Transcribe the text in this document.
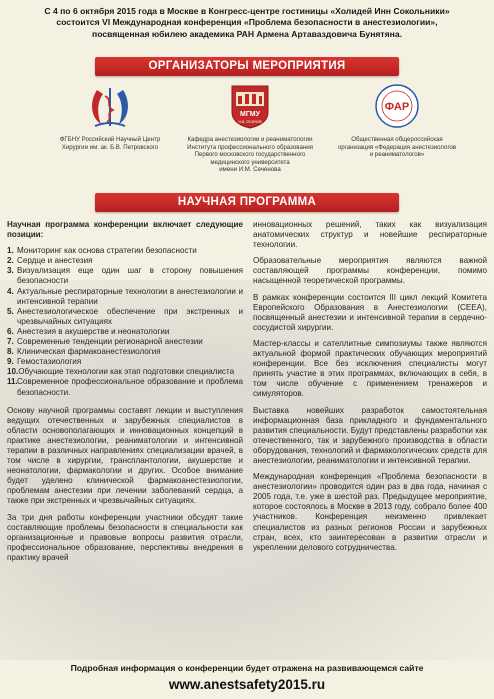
С 4 по 6 октября 2015 года в Москве в Конгресс-центре гостиницы «Холидей Инн Сокольники»
состоится VI Международная конференция «Проблема безопасности в анестезиологии»,
посвященная юбилею академика РАН Армена Артаваздовича Бунятяна.
ОРГАНИЗАТОРЫ МЕРОПРИЯТИЯ
ФГБНУ Российский Научный Центр
Хирургии им. ак. Б.В. Петровского
МГМУ
И.М. СЕЧЕНОВ
Кафедра анестезиологии и реаниматологии
Института профессионального образования
Первого московского государственного
медицинского университета
имени И.М. Сеченова
ФАР
Общественная общероссийская
организация «Федерация анестезиологов
и реаниматологов»
НАУЧНАЯ ПРОГРАММА

Научная программа конференции включает следующие позиции:

1. Мониторинг как основа стратегии безопасности
2. Сердце и анестезия
3. Визуализация еще один шаг в сторону повышения безопасности
4. Актуальные респираторные технологии в анестезиологии и интенсивной терапии
5. Анестезиологическое обеспечение при экстренных и чрезвычайных ситуациях
6. Анестезия в акушерстве и неонатологии
7. Современные тенденции регионарной анестезии
8. Клиническая фармакоанестезиология
9. Гемостазиология
10. Обучающие технологии как этап подготовки специалиста
11. Современное профессиональное образование и проблема безопасности.

Основу научной программы составят лекции и выступления ведущих отечественных и зарубежных специалистов в области основополагающих и инновационных концепций в практике анестезиологии, реаниматологии и интенсивной терапии в различных направлениях специализации врачей, в том числе в хирургии, трансплантологии, акушерстве и неонатологии, фармакологии и других. Особое внимание будет уделено клинической фармакоанестезиологии, проблемам анестезии при лечении заболеваний сердца, а также при экстренных и чрезвычайных ситуациях.

За три дня работы конференции участники обсудят такие составляющие проблемы безопасности в специальности как организационные и правовые вопросы развития отрасли, профессиональное образование, перспективы внедрения в практику врачей

инновационных решений, таких как визуализация анатомических структур и новейшие респираторные технологии.

Образовательные мероприятия являются важной составляющей программы конференции, помимо насыщенной теоретической программы.

В рамках конференции состоится III цикл лекций Комитета Европейского Образования в Анестезиологии (CEEA), посвященный анестезии и интенсивной терапии в сердечно-сосудистой хирургии.

Мастер-классы и сателлитные симпозиумы также являются актуальной формой практических обучающих мероприятий конференции. Все без исключения специалисты могут принять участие в этих программах, включающих в себя, в том числе обучение с применением тренажеров и симуляторов.

Выставка новейших разработок самостоятельная информационная база прикладного и фундаментального развития специальности. Будут представлены разработки как отечественного, так и зарубежного производства в области оборудования, технологий и фармакологических средств для анестезиологии, реаниматологии и интенсивной терапии.

Международная конференция «Проблема безопасности в анестезиологии» проводится один раз в два года, начиная с 2005 года, т.е. уже в шестой раз. Предыдущее мероприятие, которое состоялось в Москве в 2013 году, собрало более 400 участников. Конференция неизменно привлекает специалистов из разных регионов России и зарубежных стран, всех, кто заинтересован в развитии отрасли и укреплении делового сотрудничества.

Подробная информация о конференции будет отражена на развивающемся сайте
www.anestsafety2015.ru
